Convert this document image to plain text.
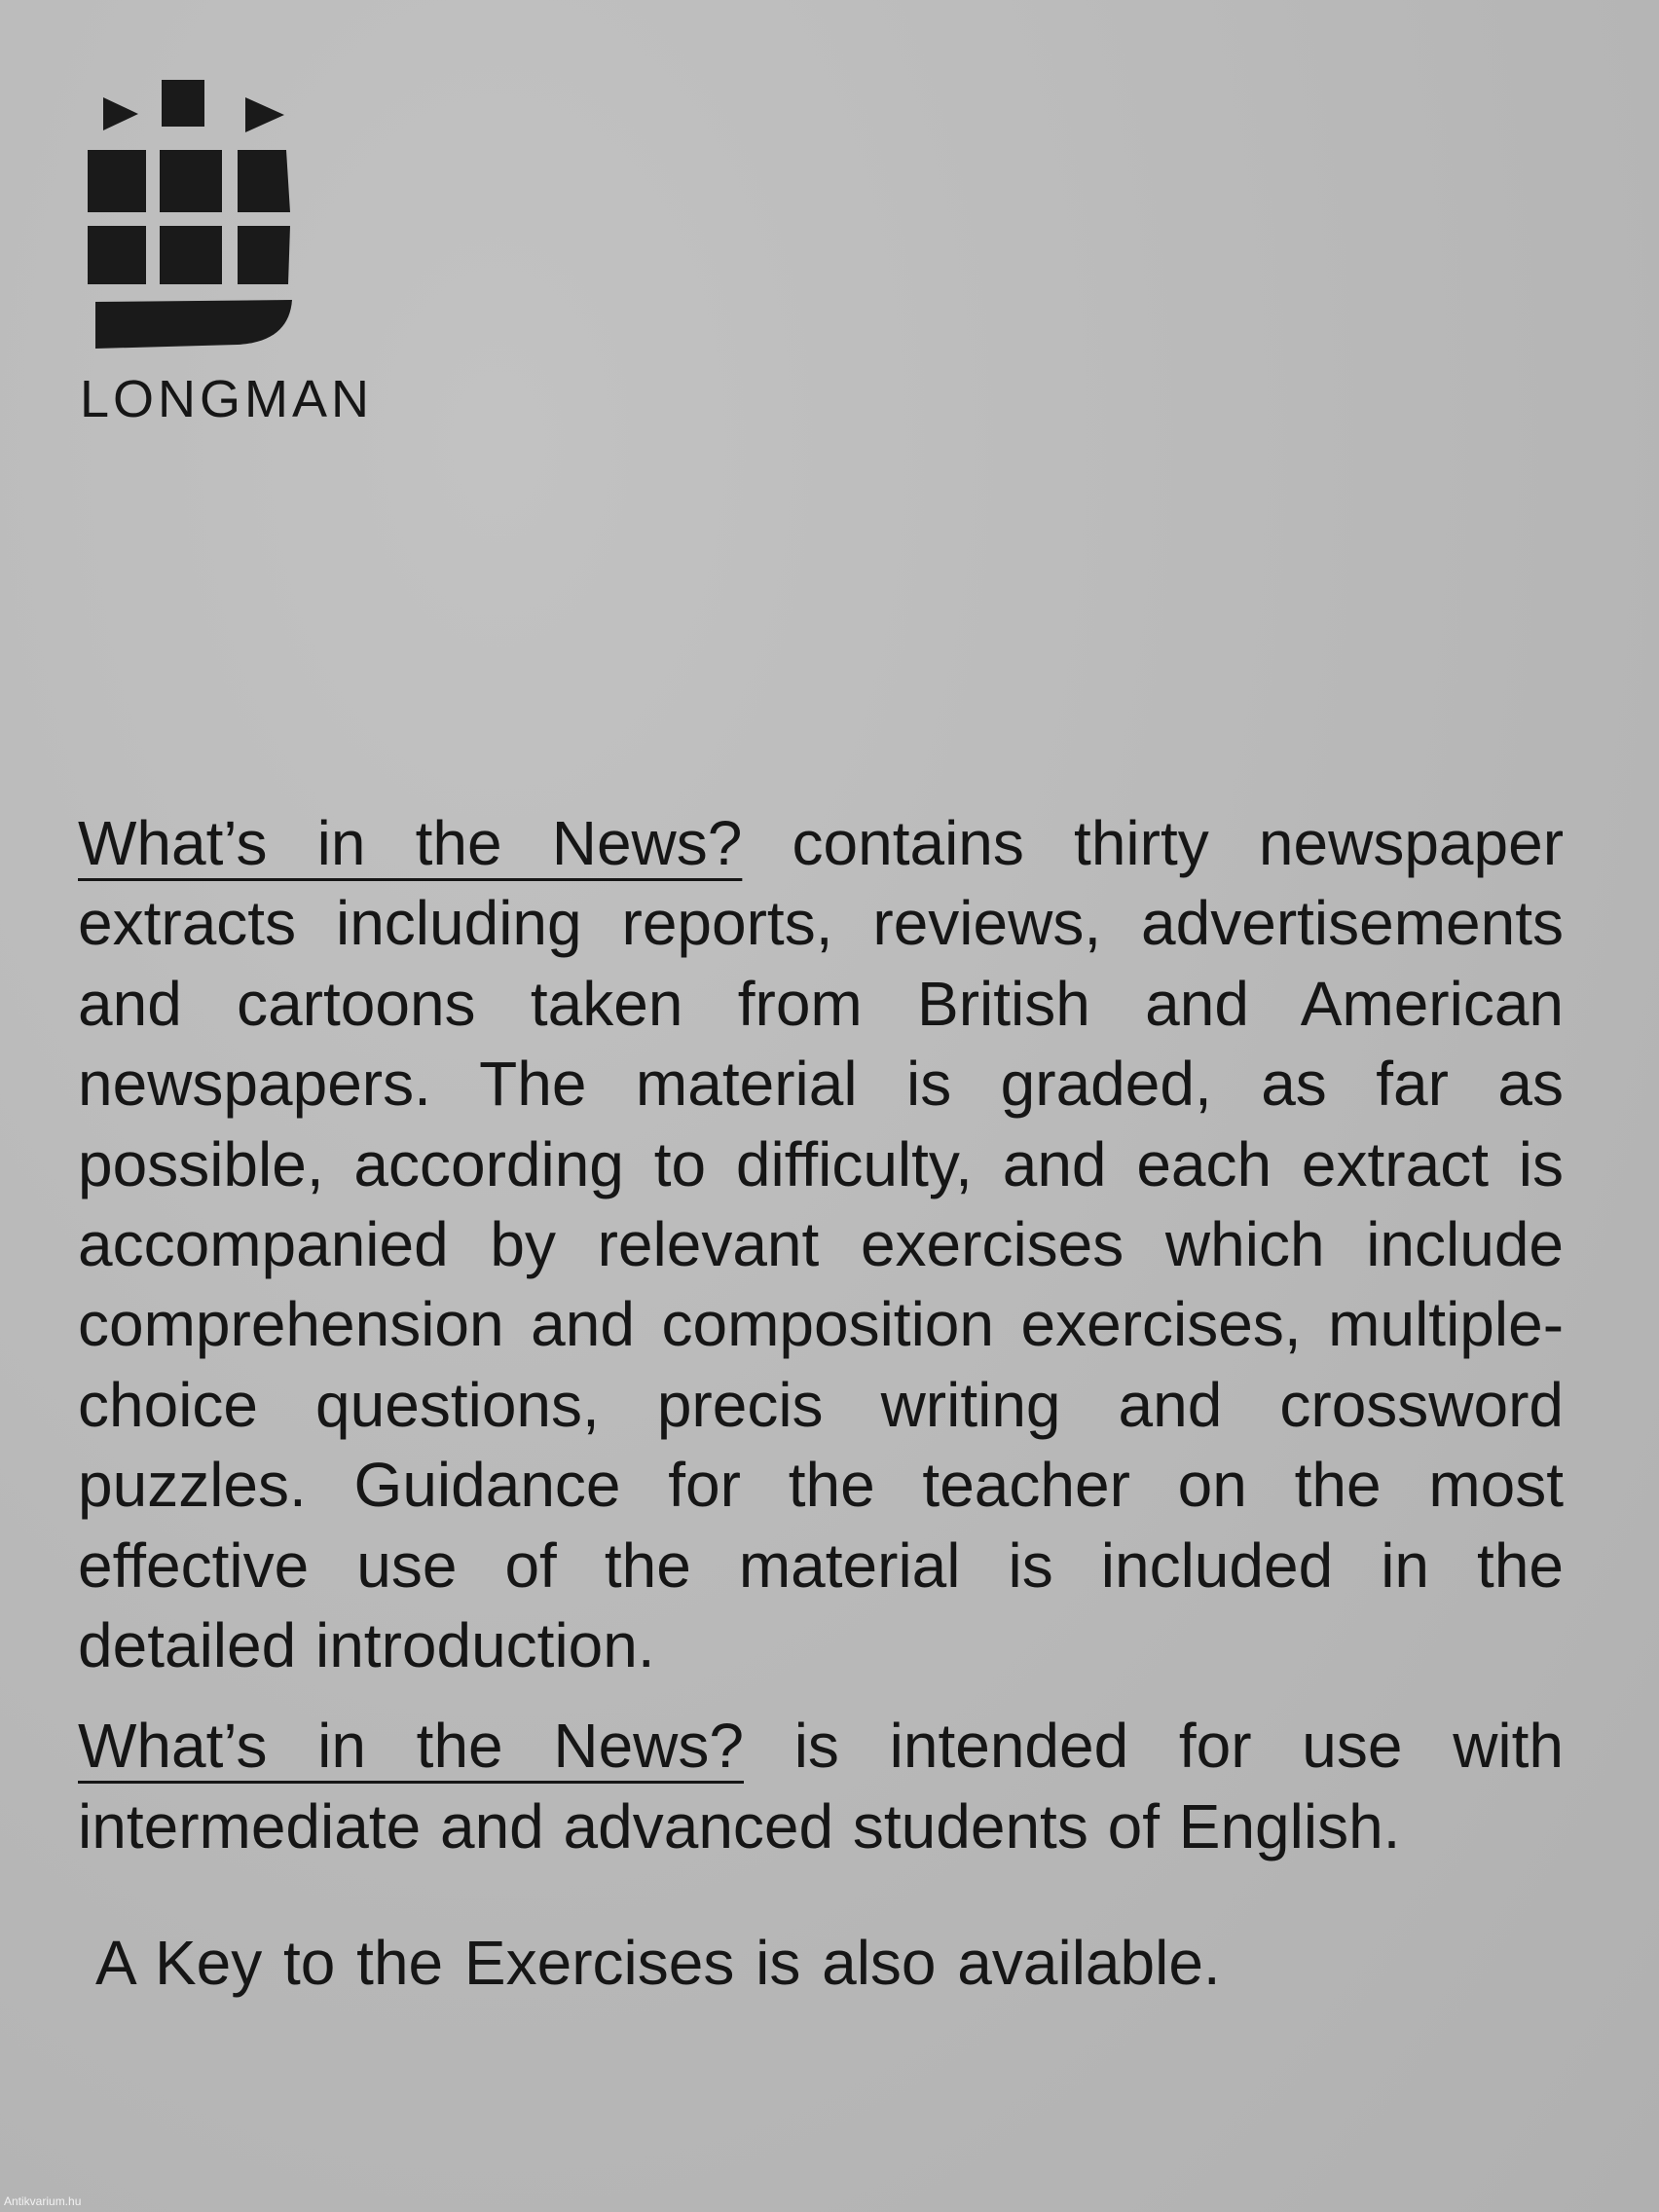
LONGMAN

What’s in the News? contains thirty newspaper extracts including reports, reviews, advertisements and cartoons taken from British and American newspapers. The material is graded, as far as possible, according to difficulty, and each extract is accompanied by relevant exercises which include comprehension and composition exercises, multiple-choice questions, precis writing and crossword puzzles. Guidance for the teacher on the most effective use of the material is included in the detailed introduction.

What’s in the News? is intended for use with intermediate and advanced students of English.

A Key to the Exercises is also available.
Antikvarium.hu
